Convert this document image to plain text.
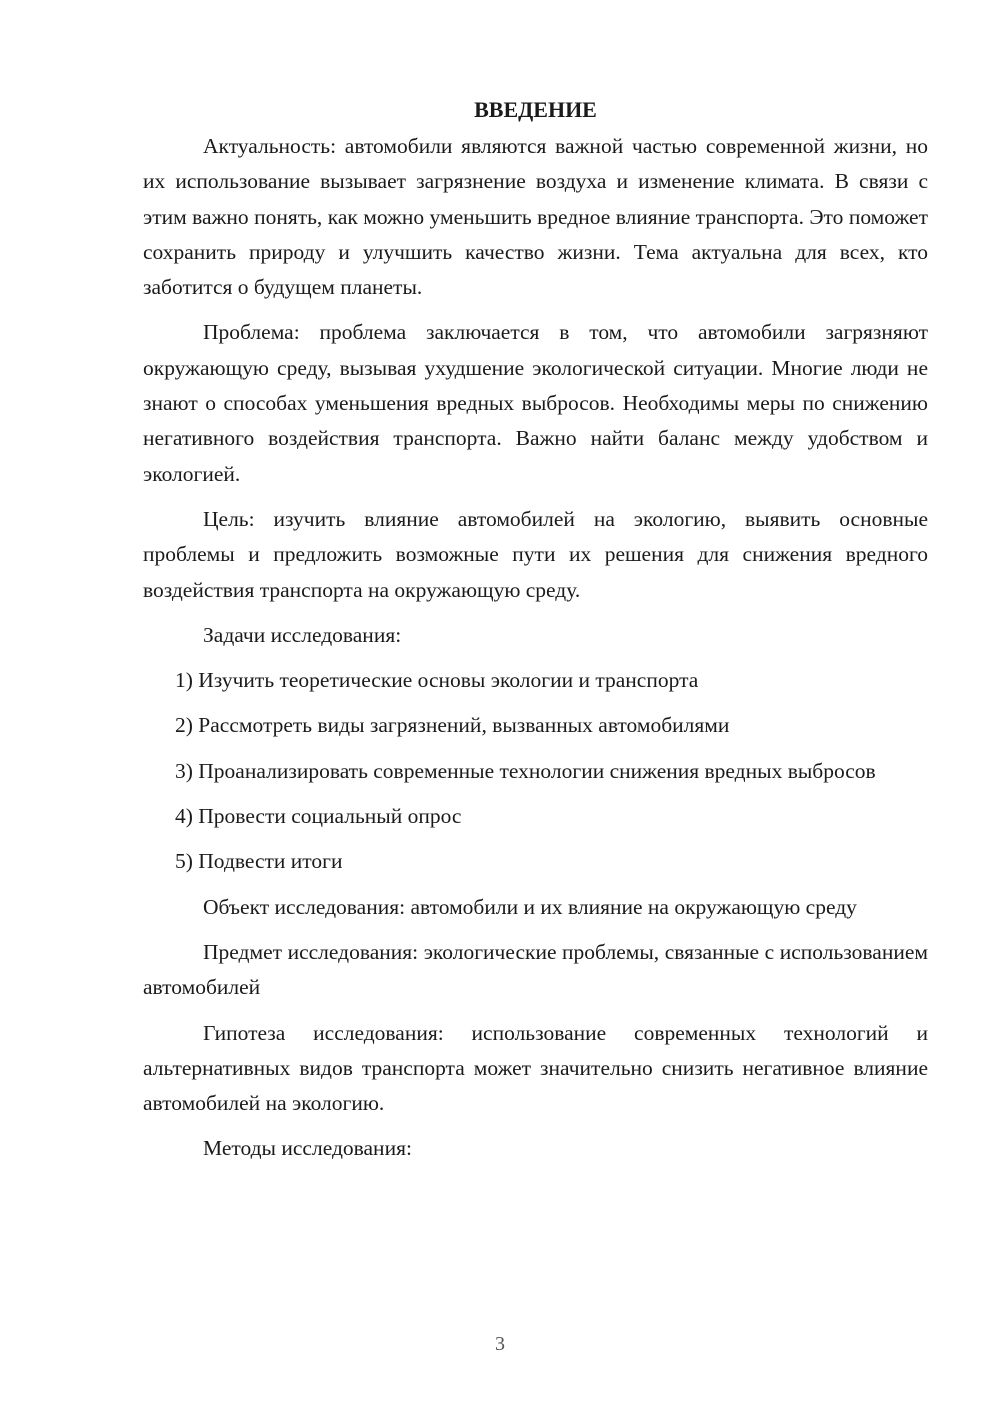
ВВЕДЕНИЕ

Актуальность: автомобили являются важной частью современной жизни, но их использование вызывает загрязнение воздуха и изменение климата. В связи с этим важно понять, как можно уменьшить вредное влияние транспорта. Это поможет сохранить природу и улучшить качество жизни. Тема актуальна для всех, кто заботится о будущем планеты.

Проблема: проблема заключается в том, что автомобили загрязняют окружающую среду, вызывая ухудшение экологической ситуации. Многие люди не знают о способах уменьшения вредных выбросов. Необходимы меры по снижению негативного воздействия транспорта. Важно найти баланс между удобством и экологией.

Цель: изучить влияние автомобилей на экологию, выявить основные проблемы и предложить возможные пути их решения для снижения вредного воздействия транспорта на окружающую среду.

Задачи исследования:

1) Изучить теоретические основы экологии и транспорта

2) Рассмотреть виды загрязнений, вызванных автомобилями

3) Проанализировать современные технологии снижения вредных выбросов

4) Провести социальный опрос

5) Подвести итоги

Объект исследования: автомобили и их влияние на окружающую среду

Предмет исследования: экологические проблемы, связанные с использованием автомобилей

Гипотеза исследования: использование современных технологий и альтернативных видов транспорта может значительно снизить негативное влияние автомобилей на экологию.

Методы исследования:

3
